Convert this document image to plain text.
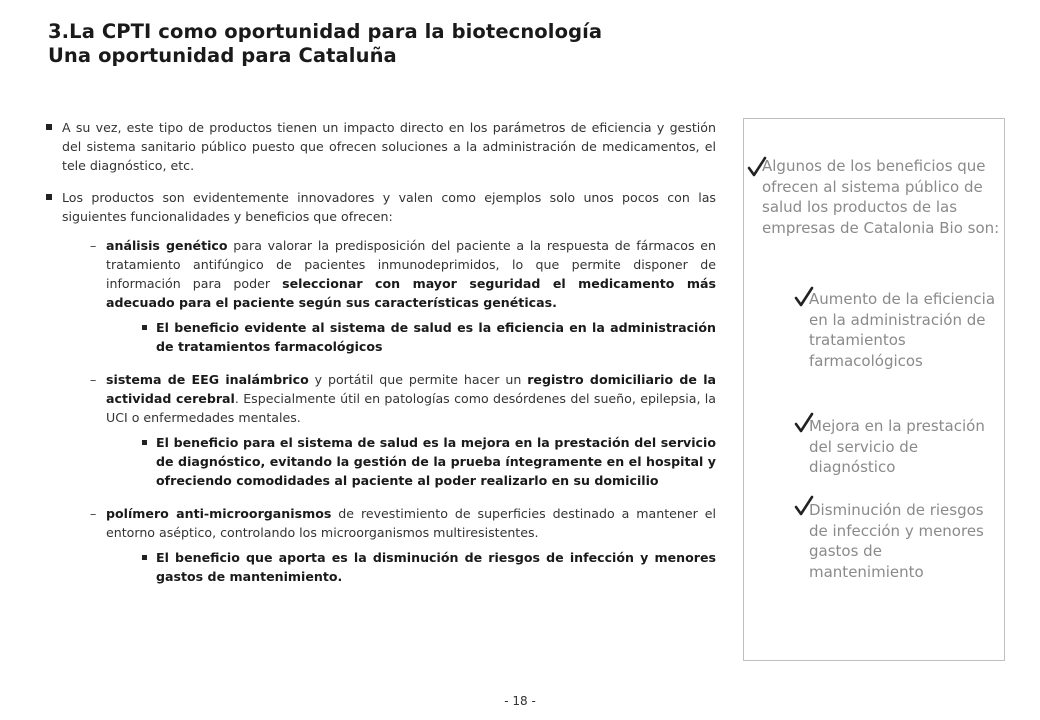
3.La CPTI como oportunidad para la biotecnología
Una oportunidad para Cataluña
A su vez, este tipo de productos tienen un impacto directo en los parámetros de eficiencia y gestión del sistema sanitario público puesto que ofrecen soluciones a la administración de medicamentos, el tele diagnóstico, etc.
Los productos son evidentemente innovadores y valen como ejemplos solo unos pocos con las siguientes funcionalidades y beneficios que ofrecen:
– análisis genético para valorar la predisposición del paciente a la respuesta de fármacos en tratamiento antifúngico de pacientes inmunodeprimidos, lo que permite disponer de información para poder seleccionar con mayor seguridad el medicamento más adecuado para el paciente según sus características genéticas.
El beneficio evidente al sistema de salud es la eficiencia en la administración de tratamientos farmacológicos
– sistema de EEG inalámbrico y portátil que permite hacer un registro domiciliario de la actividad cerebral. Especialmente útil en patologías como desórdenes del sueño, epilepsia, la UCI o enfermedades mentales.
El beneficio para el sistema de salud es la mejora en la prestación del servicio de diagnóstico, evitando la gestión de la prueba íntegramente en el hospital y ofreciendo comodidades al paciente al poder realizarlo en su domicilio
– polímero anti-microorganismos de revestimiento de superficies destinado a mantener el entorno aséptico, controlando los microorganismos multiresistentes.
El beneficio que aporta es la disminución de riesgos de infección y menores gastos de mantenimiento.
Algunos de los beneficios que ofrecen al sistema público de salud los productos de las empresas de Catalonia Bio son:
Aumento de la eficiencia en la administración de tratamientos farmacológicos
Mejora en la prestación del servicio de diagnóstico
Disminución de riesgos de infección y menores gastos de mantenimiento
- 18 -
